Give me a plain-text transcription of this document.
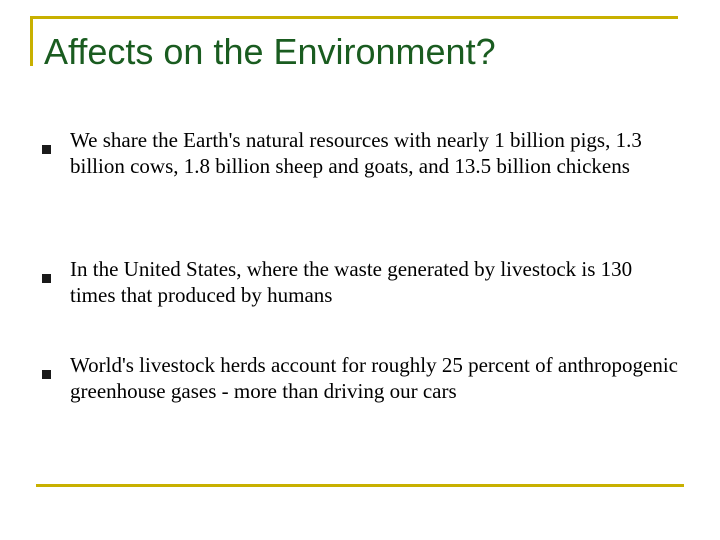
Affects on the Environment?
We share the Earth's natural resources with nearly 1 billion pigs, 1.3 billion cows, 1.8 billion sheep and goats, and 13.5 billion chickens
In the United States, where the waste generated by livestock is 130 times that produced by humans
World's livestock herds account for roughly 25 percent of anthropogenic greenhouse gases - more than driving our cars
